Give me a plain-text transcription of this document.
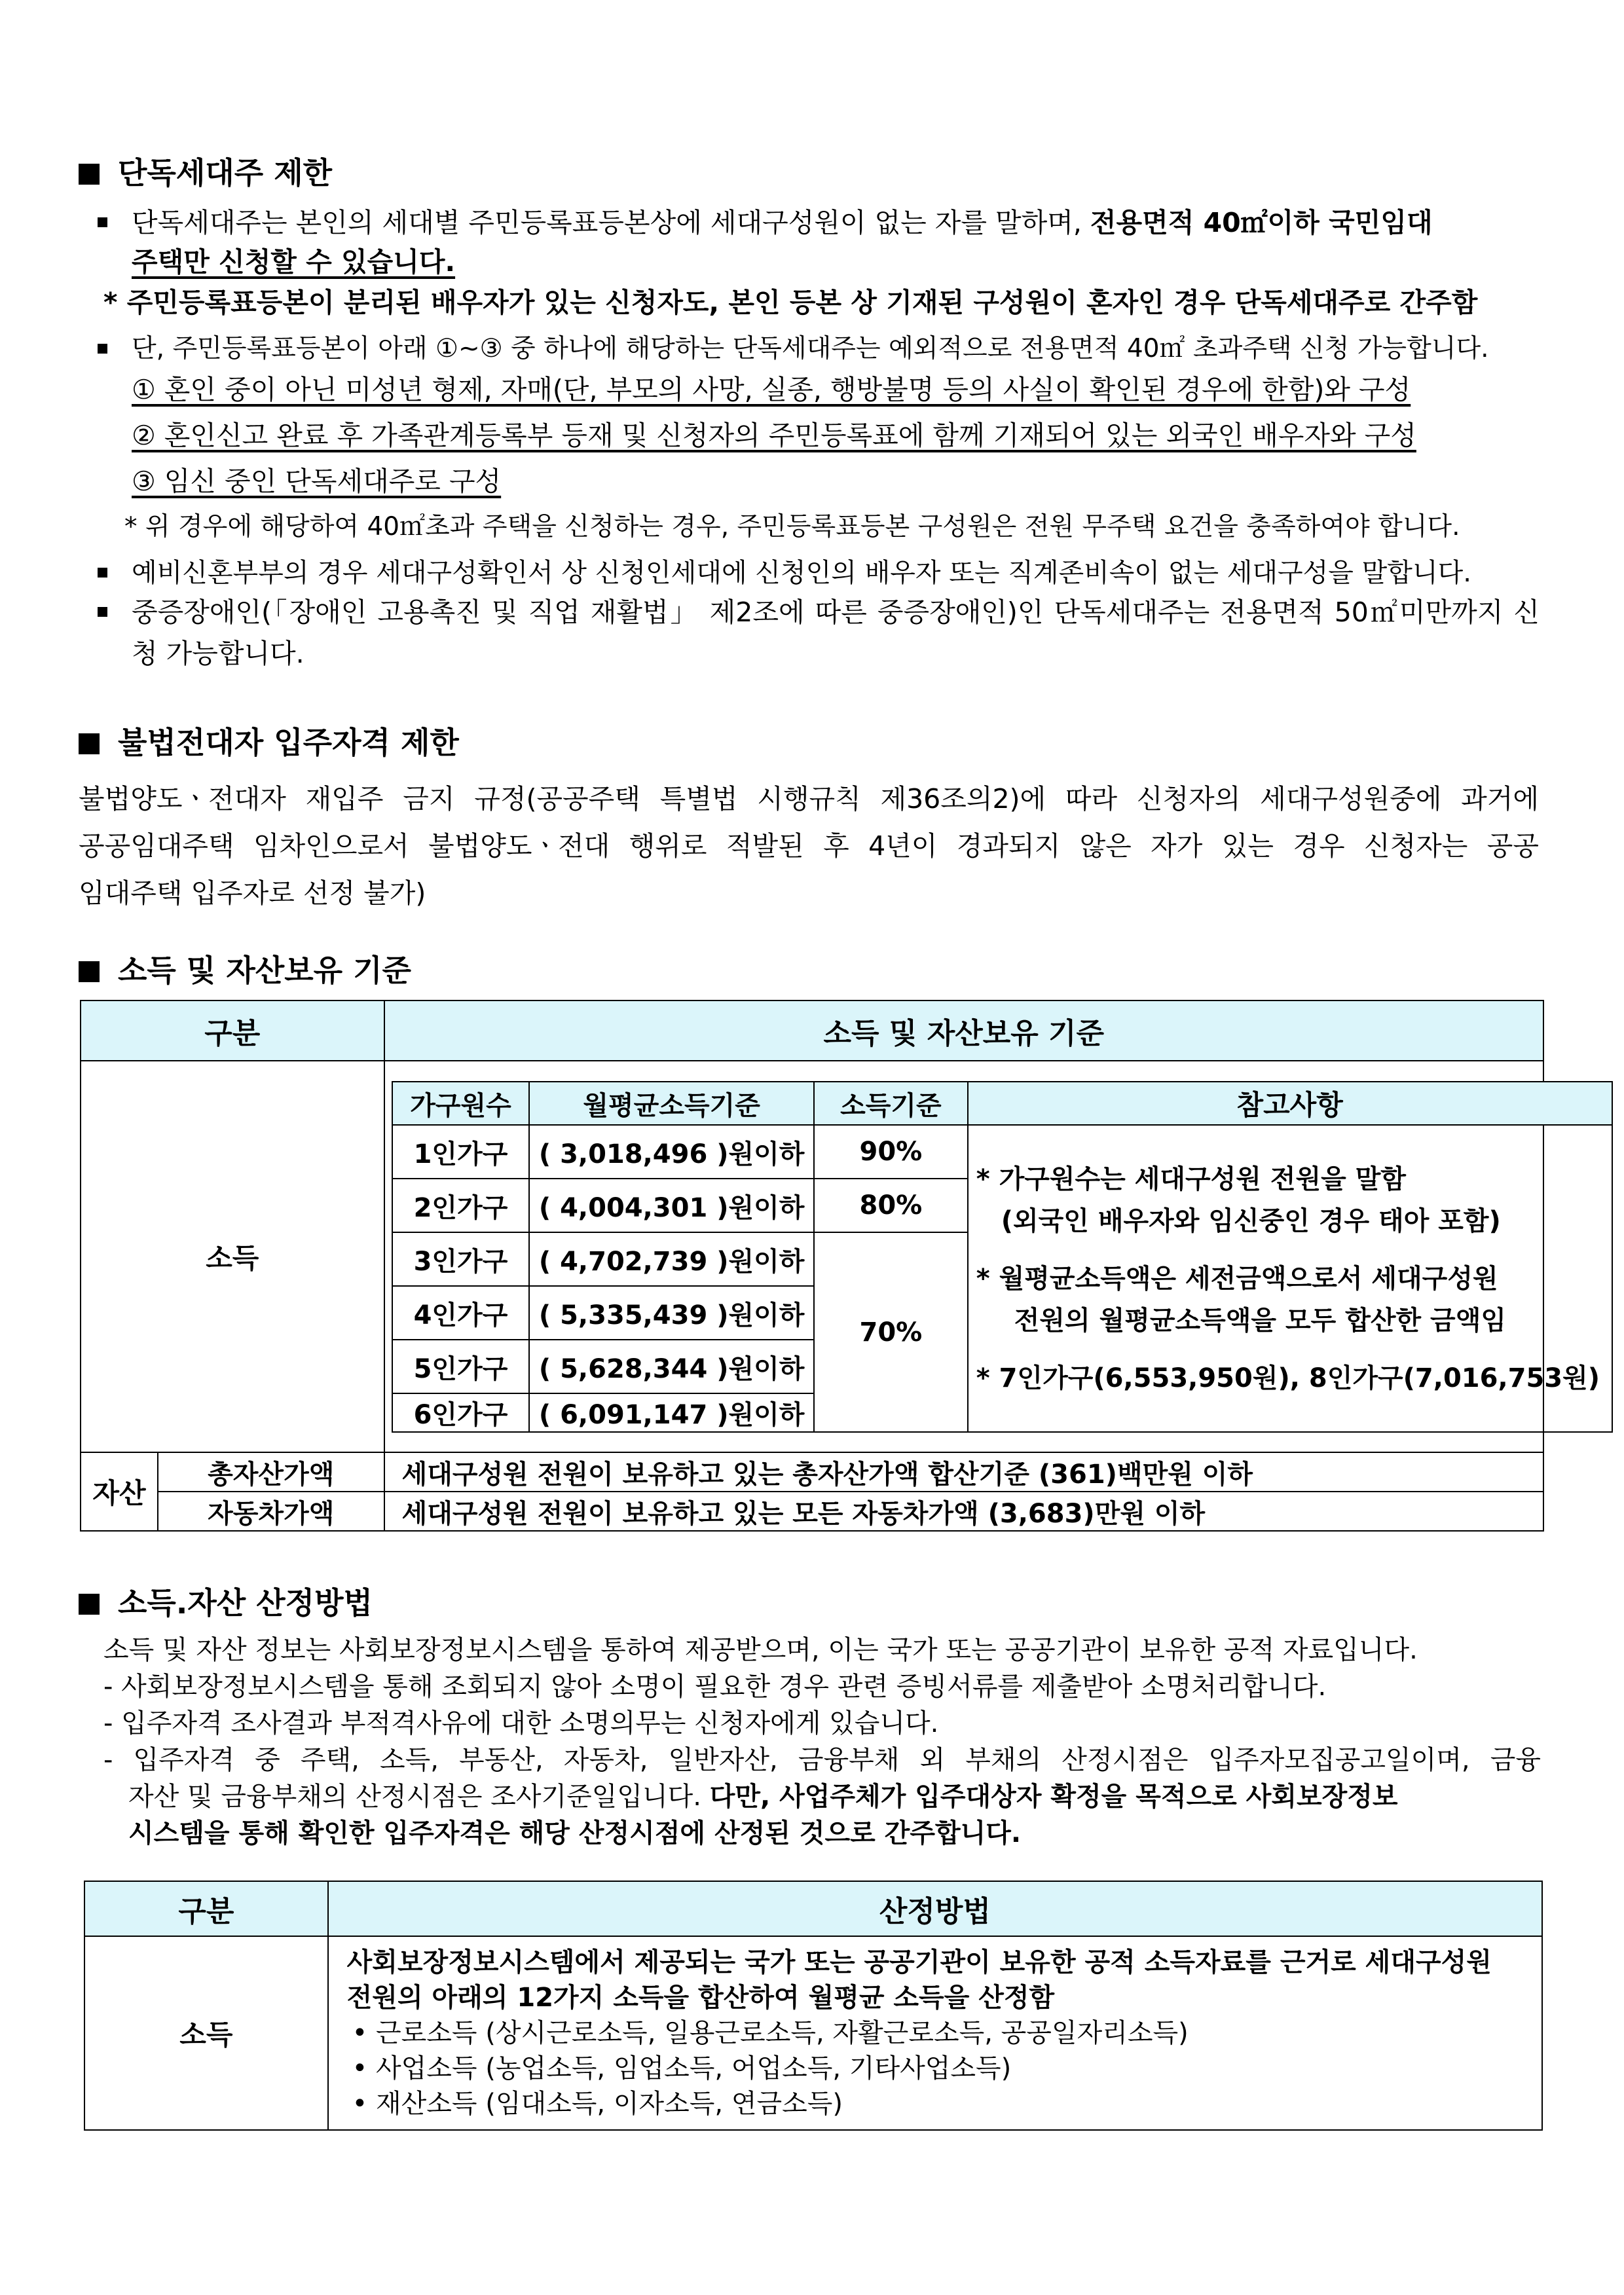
단독세대주 제한
단독세대주는 본인의 세대별 주민등록표등본상에 세대구성원이 없는 자를 말하며, 전용면적 40㎡이하 국민임대
주택만 신청할 수 있습니다.
* 주민등록표등본이 분리된 배우자가 있는 신청자도, 본인 등본 상 기재된 구성원이 혼자인 경우 단독세대주로 간주함
단, 주민등록표등본이 아래 ①~③ 중 하나에 해당하는 단독세대주는 예외적으로 전용면적 40㎡ 초과주택 신청 가능합니다.
① 혼인 중이 아닌 미성년 형제, 자매(단, 부모의 사망, 실종, 행방불명 등의 사실이 확인된 경우에 한함)와 구성
② 혼인신고 완료 후 가족관계등록부 등재 및 신청자의 주민등록표에 함께 기재되어 있는 외국인 배우자와 구성
③ 임신 중인 단독세대주로 구성
* 위 경우에 해당하여 40㎡초과 주택을 신청하는 경우, 주민등록표등본 구성원은 전원 무주택 요건을 충족하여야 합니다.
예비신혼부부의 경우 세대구성확인서 상 신청인세대에 신청인의 배우자 또는 직계존비속이 없는 세대구성을 말합니다.
중증장애인(「장애인 고용촉진 및 직업 재활법」 제2조에 따른 중증장애인)인 단독세대주는 전용면적 50㎡미만까지 신
청 가능합니다.
불법전대자 입주자격 제한
불법양도ㆍ전대자 재입주 금지 규정(공공주택 특별법 시행규칙 제36조의2)에 따라 신청자의 세대구성원중에 과거에
공공임대주택 임차인으로서 불법양도ㆍ전대 행위로 적발된 후 4년이 경과되지 않은 자가 있는 경우 신청자는 공공
임대주택 입주자로 선정 불가)
소득 및 자산보유 기준
구분	소득 및 자산보유 기준
소득	
가구원수	월평균소득기준	소득기준	참고사항
1인가구	( 3,018,496 )원이하	90%	
* 가구원수는 세대구성원 전원을 말함
(외국인 배우자와 임신중인 경우 태아 포함)
* 월평균소득액은 세전금액으로서 세대구성원
전원의 월평균소득액을 모두 합산한 금액임
* 7인가구(6,553,950원), 8인가구(7,016,753원)

2인가구	( 4,004,301 )원이하	80%
3인가구	( 4,702,739 )원이하	70%
4인가구	( 5,335,439 )원이하
5인가구	( 5,628,344 )원이하
6인가구	( 6,091,147 )원이하

자산	총자산가액	세대구성원 전원이 보유하고 있는 총자산가액 합산기준 (361)백만원 이하
자동차가액	세대구성원 전원이 보유하고 있는 모든 자동차가액 (3,683)만원 이하
소득.자산 산정방법
소득 및 자산 정보는 사회보장정보시스템을 통하여 제공받으며, 이는 국가 또는 공공기관이 보유한 공적 자료입니다.
- 사회보장정보시스템을 통해 조회되지 않아 소명이 필요한 경우 관련 증빙서류를 제출받아 소명처리합니다.
- 입주자격 조사결과 부적격사유에 대한 소명의무는 신청자에게 있습니다.
- 입주자격 중 주택, 소득, 부동산, 자동차, 일반자산, 금융부채 외 부채의 산정시점은 입주자모집공고일이며, 금융
자산 및 금융부채의 산정시점은 조사기준일입니다. 다만, 사업주체가 입주대상자 확정을 목적으로 사회보장정보
시스템을 통해 확인한 입주자격은 해당 산정시점에 산정된 것으로 간주합니다.
구분	산정방법
소득	사회보장정보시스템에서 제공되는 국가 또는 공공기관이 보유한 공적 소득자료를 근거로 세대구성원
전원의 아래의 12가지 소득을 합산하여 월평균 소득을 산정함
• 근로소득 (상시근로소득, 일용근로소득, 자활근로소득, 공공일자리소득)
• 사업소득 (농업소득, 임업소득, 어업소득, 기타사업소득)
• 재산소득 (임대소득, 이자소득, 연금소득)
